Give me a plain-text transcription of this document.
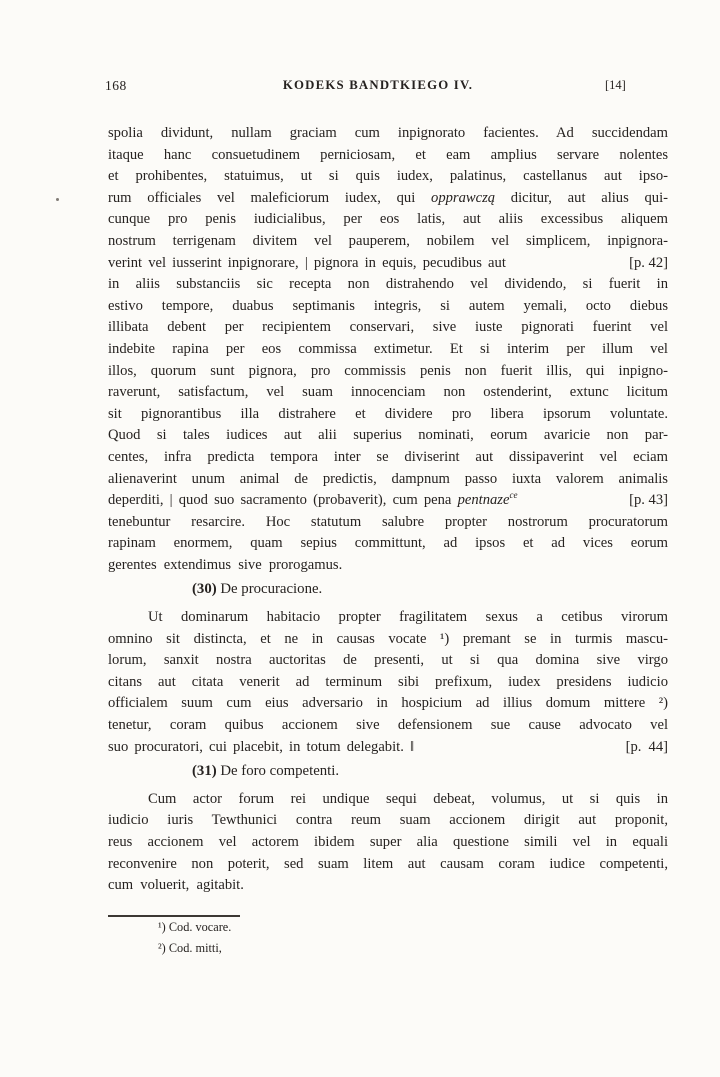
168	KODEKS BANDTKIEGO IV.	[14]
spolia dividunt, nullam graciam cum inpignorato facientes. Ad succidendam
itaque hanc consuetudinem perniciosam, et eam amplius servare nolentes
et prohibentes, statuimus, ut si quis iudex, palatinus, castellanus aut ipso-
rum officiales vel maleficiorum iudex, qui opprawczą dicitur, aut alius qui-
cunque pro penis iudicialibus, per eos latis, aut aliis excessibus aliquem
nostrum terrigenam divitem vel pauperem, nobilem vel simplicem, inpignora-
verint vel iusserint inpignorare, | pignora in equis, pecudibus aut	[p. 42]
in aliis substanciis sic recepta non distrahendo vel dividendo, si fuerit in
estivo tempore, duabus septimanis integris, si autem yemali, octo diebus
illibata debent per recipientem conservari, sive iuste pignorati fuerint vel
indebite rapina per eos commissa extimetur. Et si interim per illum vel
illos, quorum sunt pignora, pro commissis penis non fuerit illis, qui inpigno-
raverunt, satisfactum, vel suam innocenciam non ostenderint, extunc licitum
sit pignorantibus illa distrahere et dividere pro libera ipsorum voluntate.
Quod si tales iudices aut alii superius nominati, eorum avaricie non par-
centes, infra predicta tempora inter se diviserint aut dissipaverint vel eciam
alienaverint unum animal de predictis, dampnum passo iuxta valorem animalis
deperditi, | quod suo sacramento (probaverit), cum pena pentnaze$^{ce}$	[p. 43]
tenebuntur resarcire. Hoc statutum salubre propter nostrorum procuratorum
rapinam enormem, quam sepius committunt, ad ipsos et ad vices eorum
gerentes extendimus sive prorogamus.
(30) De procuracione.
Ut dominarum habitacio propter fragilitatem sexus a cetibus virorum
omnino sit distincta, et ne in causas vocate ¹) premant se in turmis mascu-
lorum, sanxit nostra auctoritas de presenti, ut si qua domina sive virgo
citans aut citata venerit ad terminum sibi prefixum, iudex presidens iudicio
officialem suum cum eius adversario in hospicium ad illius domum mittere ²)
tenetur, coram quibus accionem sive defensionem sue cause advocato vel
suo procuratori, cui placebit, in totum delegabit. ‖	[p. 44]
(31) De foro competenti.
Cum actor forum rei undique sequi debeat, volumus, ut si quis in
iudicio iuris Tewthunici contra reum suam accionem dirigit aut proponit,
reus accionem vel actorem ibidem super alia questione simili vel in equali
reconvenire non poterit, sed suam litem aut causam coram iudice competenti,
cum voluerit, agitabit.
¹) Cod. vocare.
²) Cod. mitti,
